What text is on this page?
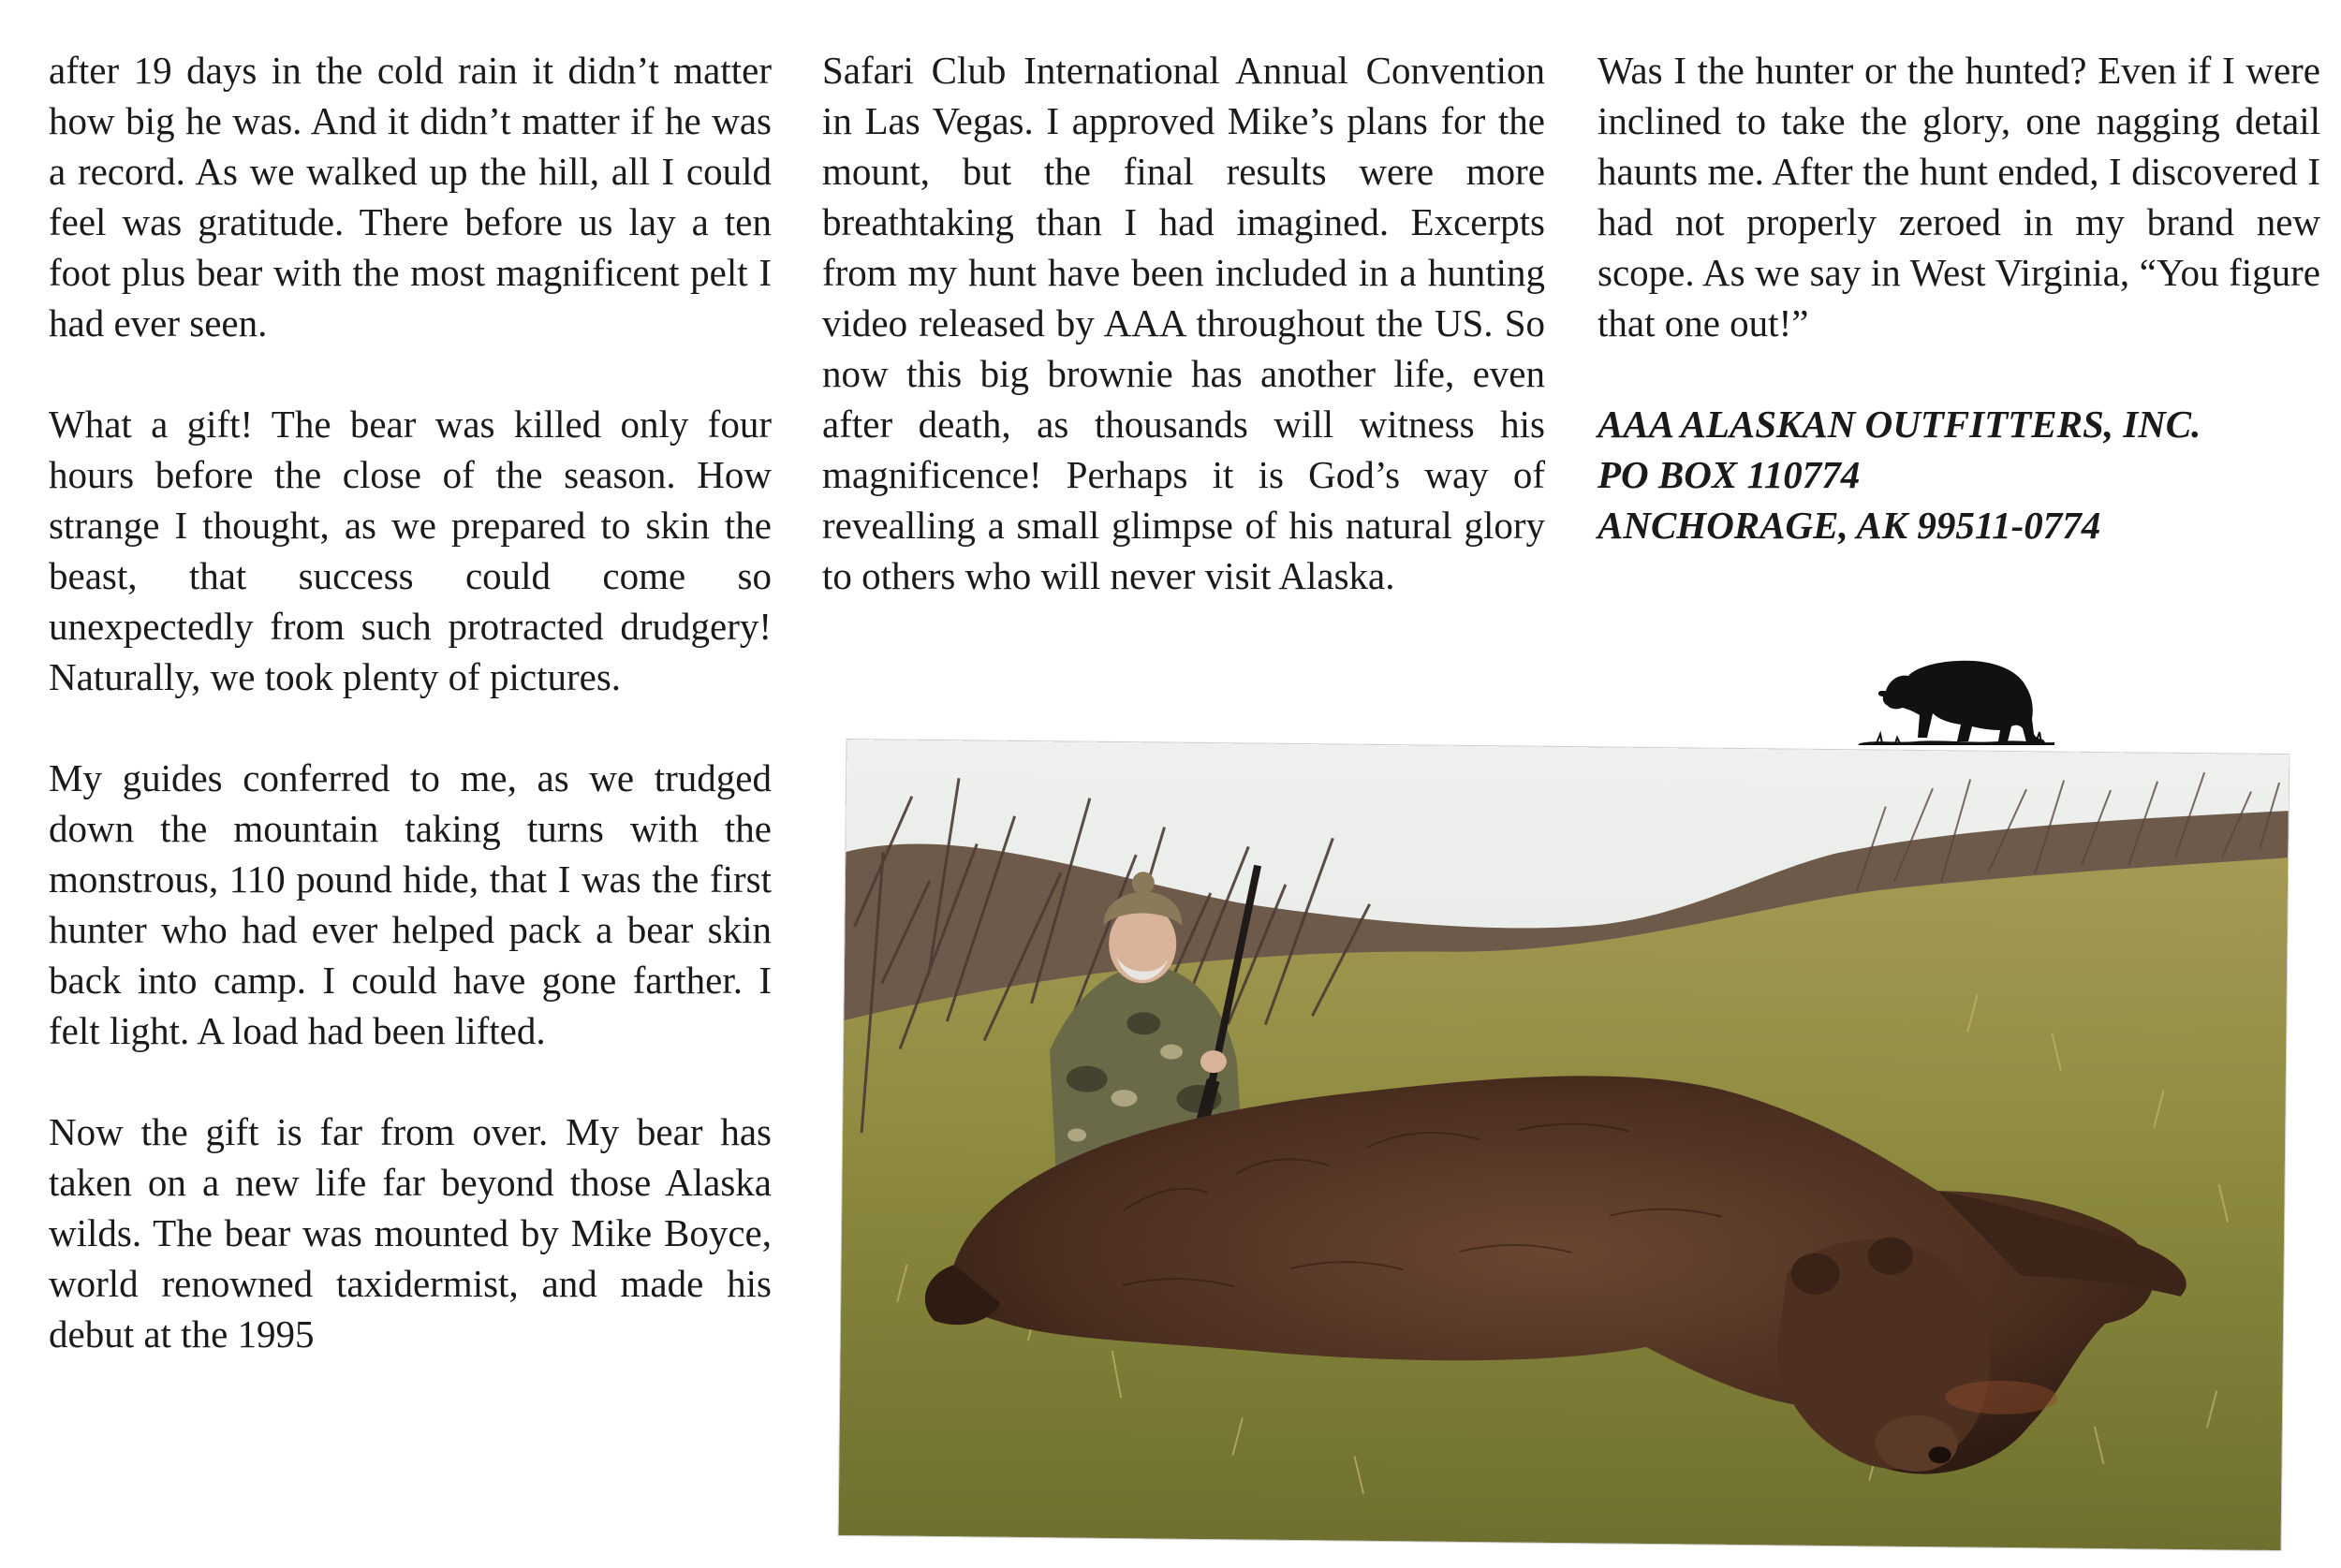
after 19 days in the cold rain it didn’t matter how big he was. And it didn’t matter if he was a record. As we walked up the hill, all I could feel was gratitude. There before us lay a ten foot plus bear with the most magnificent pelt I had ever seen.

What a gift! The bear was killed only four hours before the close of the season. How strange I thought, as we prepared to skin the beast, that success could come so unexpectedly from such protracted drudgery! Naturally, we took plenty of pictures.

My guides conferred to me, as we trudged down the mountain taking turns with the monstrous, 110 pound hide, that I was the first hunter who had ever helped pack a bear skin back into camp. I could have gone farther. I felt light. A load had been lifted.

Now the gift is far from over. My bear has taken on a new life far beyond those Alaska wilds. The bear was mounted by Mike Boyce, world renowned taxidermist, and made his debut at the 1995

Safari Club International Annual Convention in Las Vegas. I approved Mike’s plans for the mount, but the final results were more breathtaking than I had imagined. Excerpts from my hunt have been included in a hunting video released by AAA throughout the US. So now this big brownie has another life, even after death, as thousands will witness his magnificence! Perhaps it is God’s way of revealling a small glimpse of his natural glory to others who will never visit Alaska.

Was I the hunter or the hunted? Even if I were inclined to take the glory, one nagging detail haunts me. After the hunt ended, I discovered I had not properly zeroed in my brand new scope. As we say in West Virginia, “You figure that one out!”

AAA ALASKAN OUTFITTERS, INC.
PO BOX 110774
ANCHORAGE, AK 99511-0774
